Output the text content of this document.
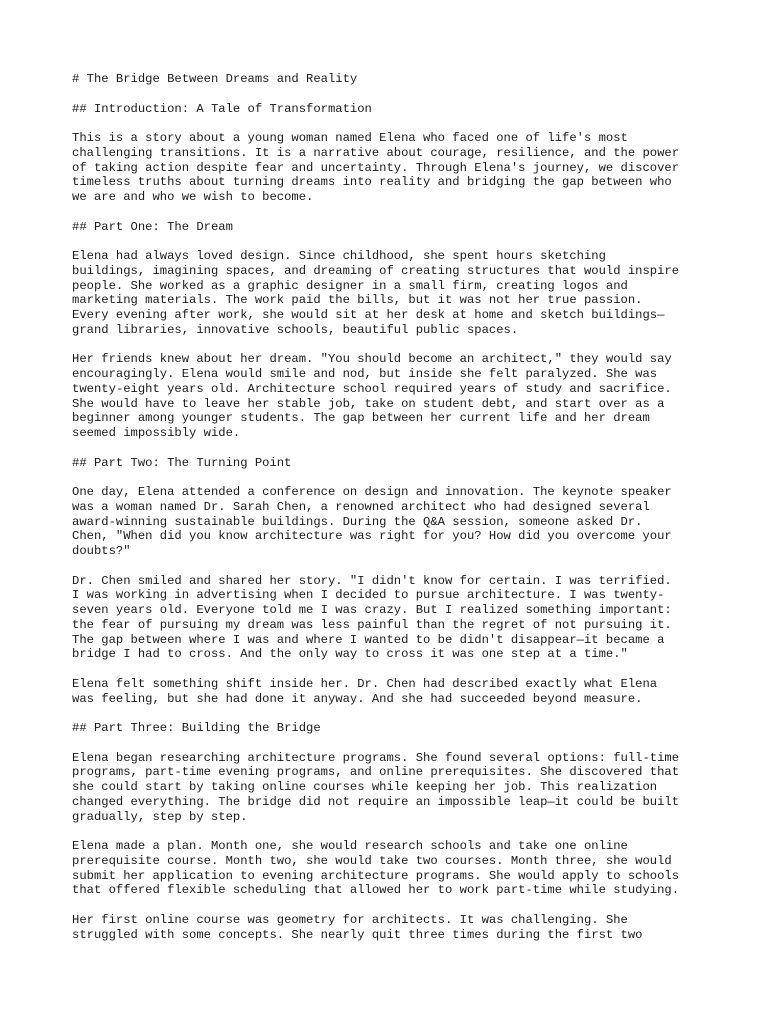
# The Bridge Between Dreams and Reality
## Introduction: A Tale of Transformation
This is a story about a young woman named Elena who faced one of life's most
challenging transitions. It is a narrative about courage, resilience, and the power
of taking action despite fear and uncertainty. Through Elena's journey, we discover
timeless truths about turning dreams into reality and bridging the gap between who
we are and who we wish to become.
## Part One: The Dream
Elena had always loved design. Since childhood, she spent hours sketching
buildings, imagining spaces, and dreaming of creating structures that would inspire
people. She worked as a graphic designer in a small firm, creating logos and
marketing materials. The work paid the bills, but it was not her true passion.
Every evening after work, she would sit at her desk at home and sketch buildings—
grand libraries, innovative schools, beautiful public spaces.
Her friends knew about her dream. "You should become an architect," they would say
encouragingly. Elena would smile and nod, but inside she felt paralyzed. She was
twenty-eight years old. Architecture school required years of study and sacrifice.
She would have to leave her stable job, take on student debt, and start over as a
beginner among younger students. The gap between her current life and her dream
seemed impossibly wide.
## Part Two: The Turning Point
One day, Elena attended a conference on design and innovation. The keynote speaker
was a woman named Dr. Sarah Chen, a renowned architect who had designed several
award-winning sustainable buildings. During the Q&A session, someone asked Dr.
Chen, "When did you know architecture was right for you? How did you overcome your
doubts?"
Dr. Chen smiled and shared her story. "I didn't know for certain. I was terrified.
I was working in advertising when I decided to pursue architecture. I was twenty-
seven years old. Everyone told me I was crazy. But I realized something important:
the fear of pursuing my dream was less painful than the regret of not pursuing it.
The gap between where I was and where I wanted to be didn't disappear—it became a
bridge I had to cross. And the only way to cross it was one step at a time."
Elena felt something shift inside her. Dr. Chen had described exactly what Elena
was feeling, but she had done it anyway. And she had succeeded beyond measure.
## Part Three: Building the Bridge
Elena began researching architecture programs. She found several options: full-time
programs, part-time evening programs, and online prerequisites. She discovered that
she could start by taking online courses while keeping her job. This realization
changed everything. The bridge did not require an impossible leap—it could be built
gradually, step by step.
Elena made a plan. Month one, she would research schools and take one online
prerequisite course. Month two, she would take two courses. Month three, she would
submit her application to evening architecture programs. She would apply to schools
that offered flexible scheduling that allowed her to work part-time while studying.
Her first online course was geometry for architects. It was challenging. She
struggled with some concepts. She nearly quit three times during the first two
